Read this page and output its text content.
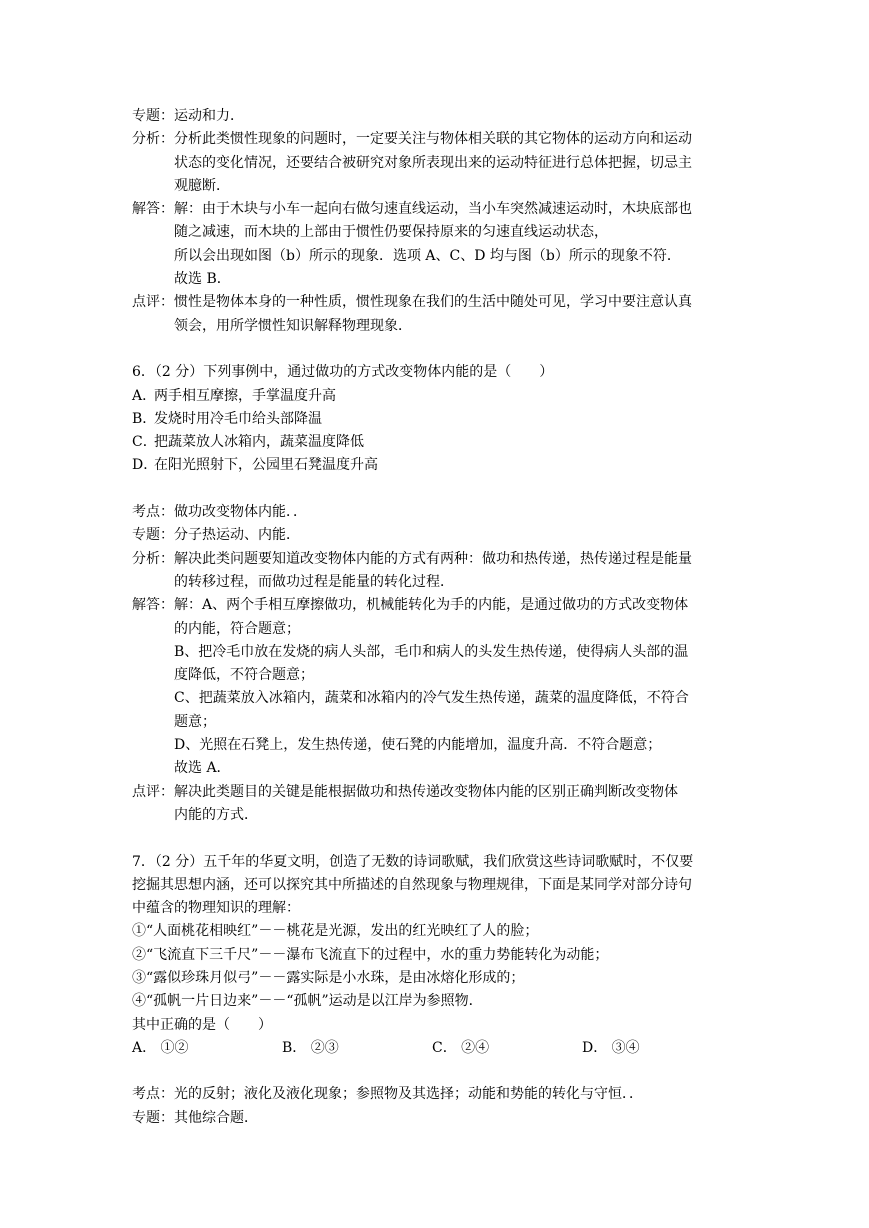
专题： 运动和力．
分析： 分析此类惯性现象的问题时，一定要关注与物体相关联的其它物体的运动方向和运动
状态的变化情况，还要结合被研究对象所表现出来的运动特征进行总体把握，切忌主
观臆断．
解答： 解：由于木块与小车一起向右做匀速直线运动，当小车突然减速运动时，木块底部也
随之减速，而木块的上部由于惯性仍要保持原来的匀速直线运动状态，
所以会出现如图（b）所示的现象．选项 A、C、D 均与图（b）所示的现象不符．
故选 B．
点评： 惯性是物体本身的一种性质，惯性现象在我们的生活中随处可见，学习中要注意认真
领会，用所学惯性知识解释物理现象．
6．（2 分）下列事例中，通过做功的方式改变物体内能的是（　　）
A．两手相互摩擦，手掌温度升高
B．发烧时用冷毛巾给头部降温
C．把蔬菜放人冰箱内，蔬菜温度降低
D．在阳光照射下，公园里石凳温度升高
考点： 做功改变物体内能．．
专题： 分子热运动、内能．
分析： 解决此类问题要知道改变物体内能的方式有两种：做功和热传递，热传递过程是能量
的转移过程，而做功过程是能量的转化过程．
解答： 解：A、两个手相互摩擦做功，机械能转化为手的内能，是通过做功的方式改变物体
的内能，符合题意；
B、把冷毛巾放在发烧的病人头部，毛巾和病人的头发生热传递，使得病人头部的温
度降低，不符合题意；
C、把蔬菜放入冰箱内，蔬菜和冰箱内的冷气发生热传递，蔬菜的温度降低，不符合
题意；
D、光照在石凳上，发生热传递，使石凳的内能增加，温度升高．不符合题意；
故选 A．
点评： 解决此类题目的关键是能根据做功和热传递改变物体内能的区别正确判断改变物体
内能的方式．
7．（2 分）五千年的华夏文明，创造了无数的诗词歌赋，我们欣赏这些诗词歌赋时，不仅要
挖掘其思想内涵，还可以探究其中所描述的自然现象与物理规律，下面是某同学对部分诗句
中蕴含的物理知识的理解：
①“人面桃花相映红”－－桃花是光源，发出的红光映红了人的脸；
②“飞流直下三千尺”－－瀑布飞流直下的过程中，水的重力势能转化为动能；
③“露似珍珠月似弓”－－露实际是小水珠，是由冰熔化形成的；
④“孤帆一片日边来”－－“孤帆”运动是以江岸为参照物．
其中正确的是（　　）
A． ①②	B． ②③	C． ②④	D． ③④
考点： 光的反射；液化及液化现象；参照物及其选择；动能和势能的转化与守恒．．
专题： 其他综合题．
